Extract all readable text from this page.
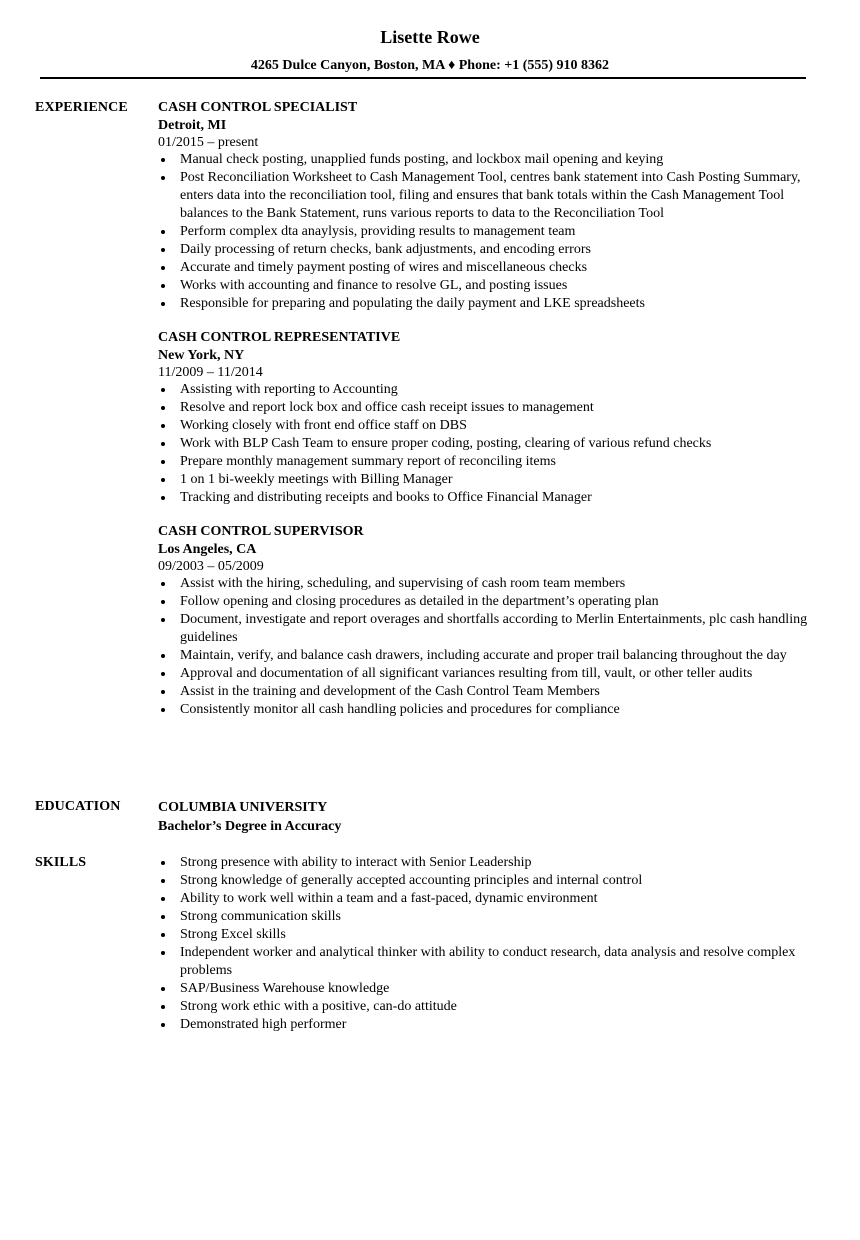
Lisette Rowe
4265 Dulce Canyon, Boston, MA ♦ Phone: +1 (555) 910 8362
EXPERIENCE CASH CONTROL SPECIALIST
Detroit, MI
01/2015 – present
Manual check posting, unapplied funds posting, and lockbox mail opening and keying
Post Reconciliation Worksheet to Cash Management Tool, centres bank statement into Cash Posting Summary, enters data into the reconciliation tool, filing and ensures that bank totals within the Cash Management Tool balances to the Bank Statement, runs various reports to data to the Reconciliation Tool
Perform complex dta anaylysis, providing results to management team
Daily processing of return checks, bank adjustments, and encoding errors
Accurate and timely payment posting of wires and miscellaneous checks
Works with accounting and finance to resolve GL, and posting issues
Responsible for preparing and populating the daily payment and LKE spreadsheets
CASH CONTROL REPRESENTATIVE
New York, NY
11/2009 – 11/2014
Assisting with reporting to Accounting
Resolve and report lock box and office cash receipt issues to management
Working closely with front end office staff on DBS
Work with BLP Cash Team to ensure proper coding, posting, clearing of various refund checks
Prepare monthly management summary report of reconciling items
1 on 1 bi-weekly meetings with Billing Manager
Tracking and distributing receipts and books to Office Financial Manager
CASH CONTROL SUPERVISOR
Los Angeles, CA
09/2003 – 05/2009
Assist with the hiring, scheduling, and supervising of cash room team members
Follow opening and closing procedures as detailed in the department’s operating plan
Document, investigate and report overages and shortfalls according to Merlin Entertainments, plc cash handling guidelines
Maintain, verify, and balance cash drawers, including accurate and proper trail balancing throughout the day
Approval and documentation of all significant variances resulting from till, vault, or other teller audits
Assist in the training and development of the Cash Control Team Members
Consistently monitor all cash handling policies and procedures for compliance
EDUCATION	COLUMBIA UNIVERSITY
Bachelor’s Degree in Accuracy
SKILLS	Strong presence with ability to interact with Senior Leadership
Strong knowledge of generally accepted accounting principles and internal control
Ability to work well within a team and a fast-paced, dynamic environment
Strong communication skills
Strong Excel skills
Independent worker and analytical thinker with ability to conduct research, data analysis and resolve complex problems
SAP/Business Warehouse knowledge
Strong work ethic with a positive, can-do attitude
Demonstrated high performer
